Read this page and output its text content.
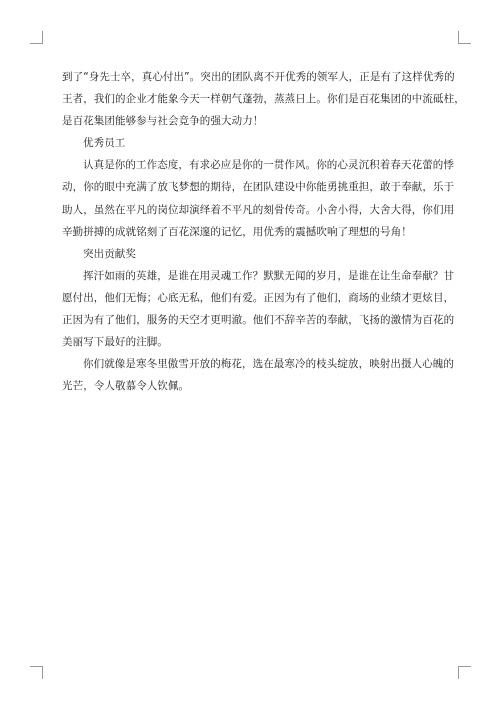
到了“身先士卒，真心付出”。突出的团队离不开优秀的领军人，正是有了这样优秀的

王者，我们的企业才能象今天一样朝气蓬勃，蒸蒸日上。你们是百花集团的中流砥柱，

是百花集团能够参与社会竞争的强大动力！

优秀员工

认真是你的工作态度，有求必应是你的一贯作风。你的心灵沉积着春天花蕾的悸

动，你的眼中充满了放飞梦想的期待，在团队建设中你能勇挑重担，敢于奉献，乐于

助人，虽然在平凡的岗位却演绎着不平凡的刻骨传奇。小舍小得，大舍大得，你们用

辛勤拼搏的成就铭刻了百花深邃的记忆，用优秀的震撼吹响了理想的号角！

突出贡献奖

挥汗如雨的英雄，是谁在用灵魂工作？默默无闻的岁月，是谁在让生命奉献？甘

愿付出，他们无悔；心底无私，他们有爱。正因为有了他们，商场的业绩才更炫目，

正因为有了他们，服务的天空才更明澈。他们不辞辛苦的奉献，飞扬的激情为百花的

美丽写下最好的注脚。

你们就像是寒冬里傲雪开放的梅花，选在最寒冷的枝头绽放，映射出摄人心魄的

光芒，令人敬慕令人钦佩。
